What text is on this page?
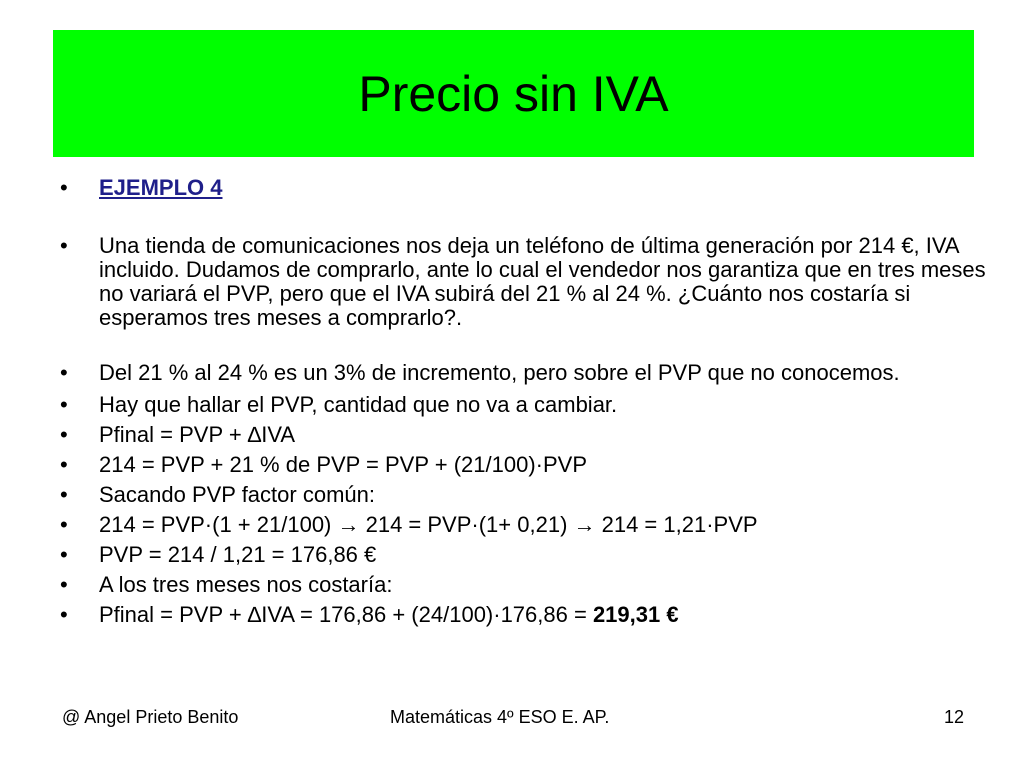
Precio sin IVA
•	EJEMPLO 4
•	Una tienda de comunicaciones nos deja un teléfono de última generación por 214 €, IVA incluido. Dudamos de comprarlo, ante lo cual el vendedor nos garantiza que en tres meses no variará el PVP, pero que el IVA subirá del 21 % al 24 %. ¿Cuánto nos costaría si esperamos tres meses a comprarlo?.
•	Del 21 % al 24 % es un 3% de incremento, pero sobre el PVP que no conocemos.
•	Hay que hallar el PVP, cantidad que no va a cambiar.
•	Pfinal = PVP + ∆IVA
•	214 = PVP + 21 % de PVP = PVP + (21/100)·PVP
•	Sacando PVP factor común:
•	214 = PVP·(1 + 21/100) → 214 = PVP·(1+ 0,21) → 214 = 1,21·PVP
•	PVP = 214 / 1,21 = 176,86 €
•	A los tres meses nos costaría:
•	Pfinal = PVP + ∆IVA = 176,86 + (24/100)·176,86 = 219,31 €
@ Angel Prieto Benito	Matemáticas 4º ESO E. AP.	12
